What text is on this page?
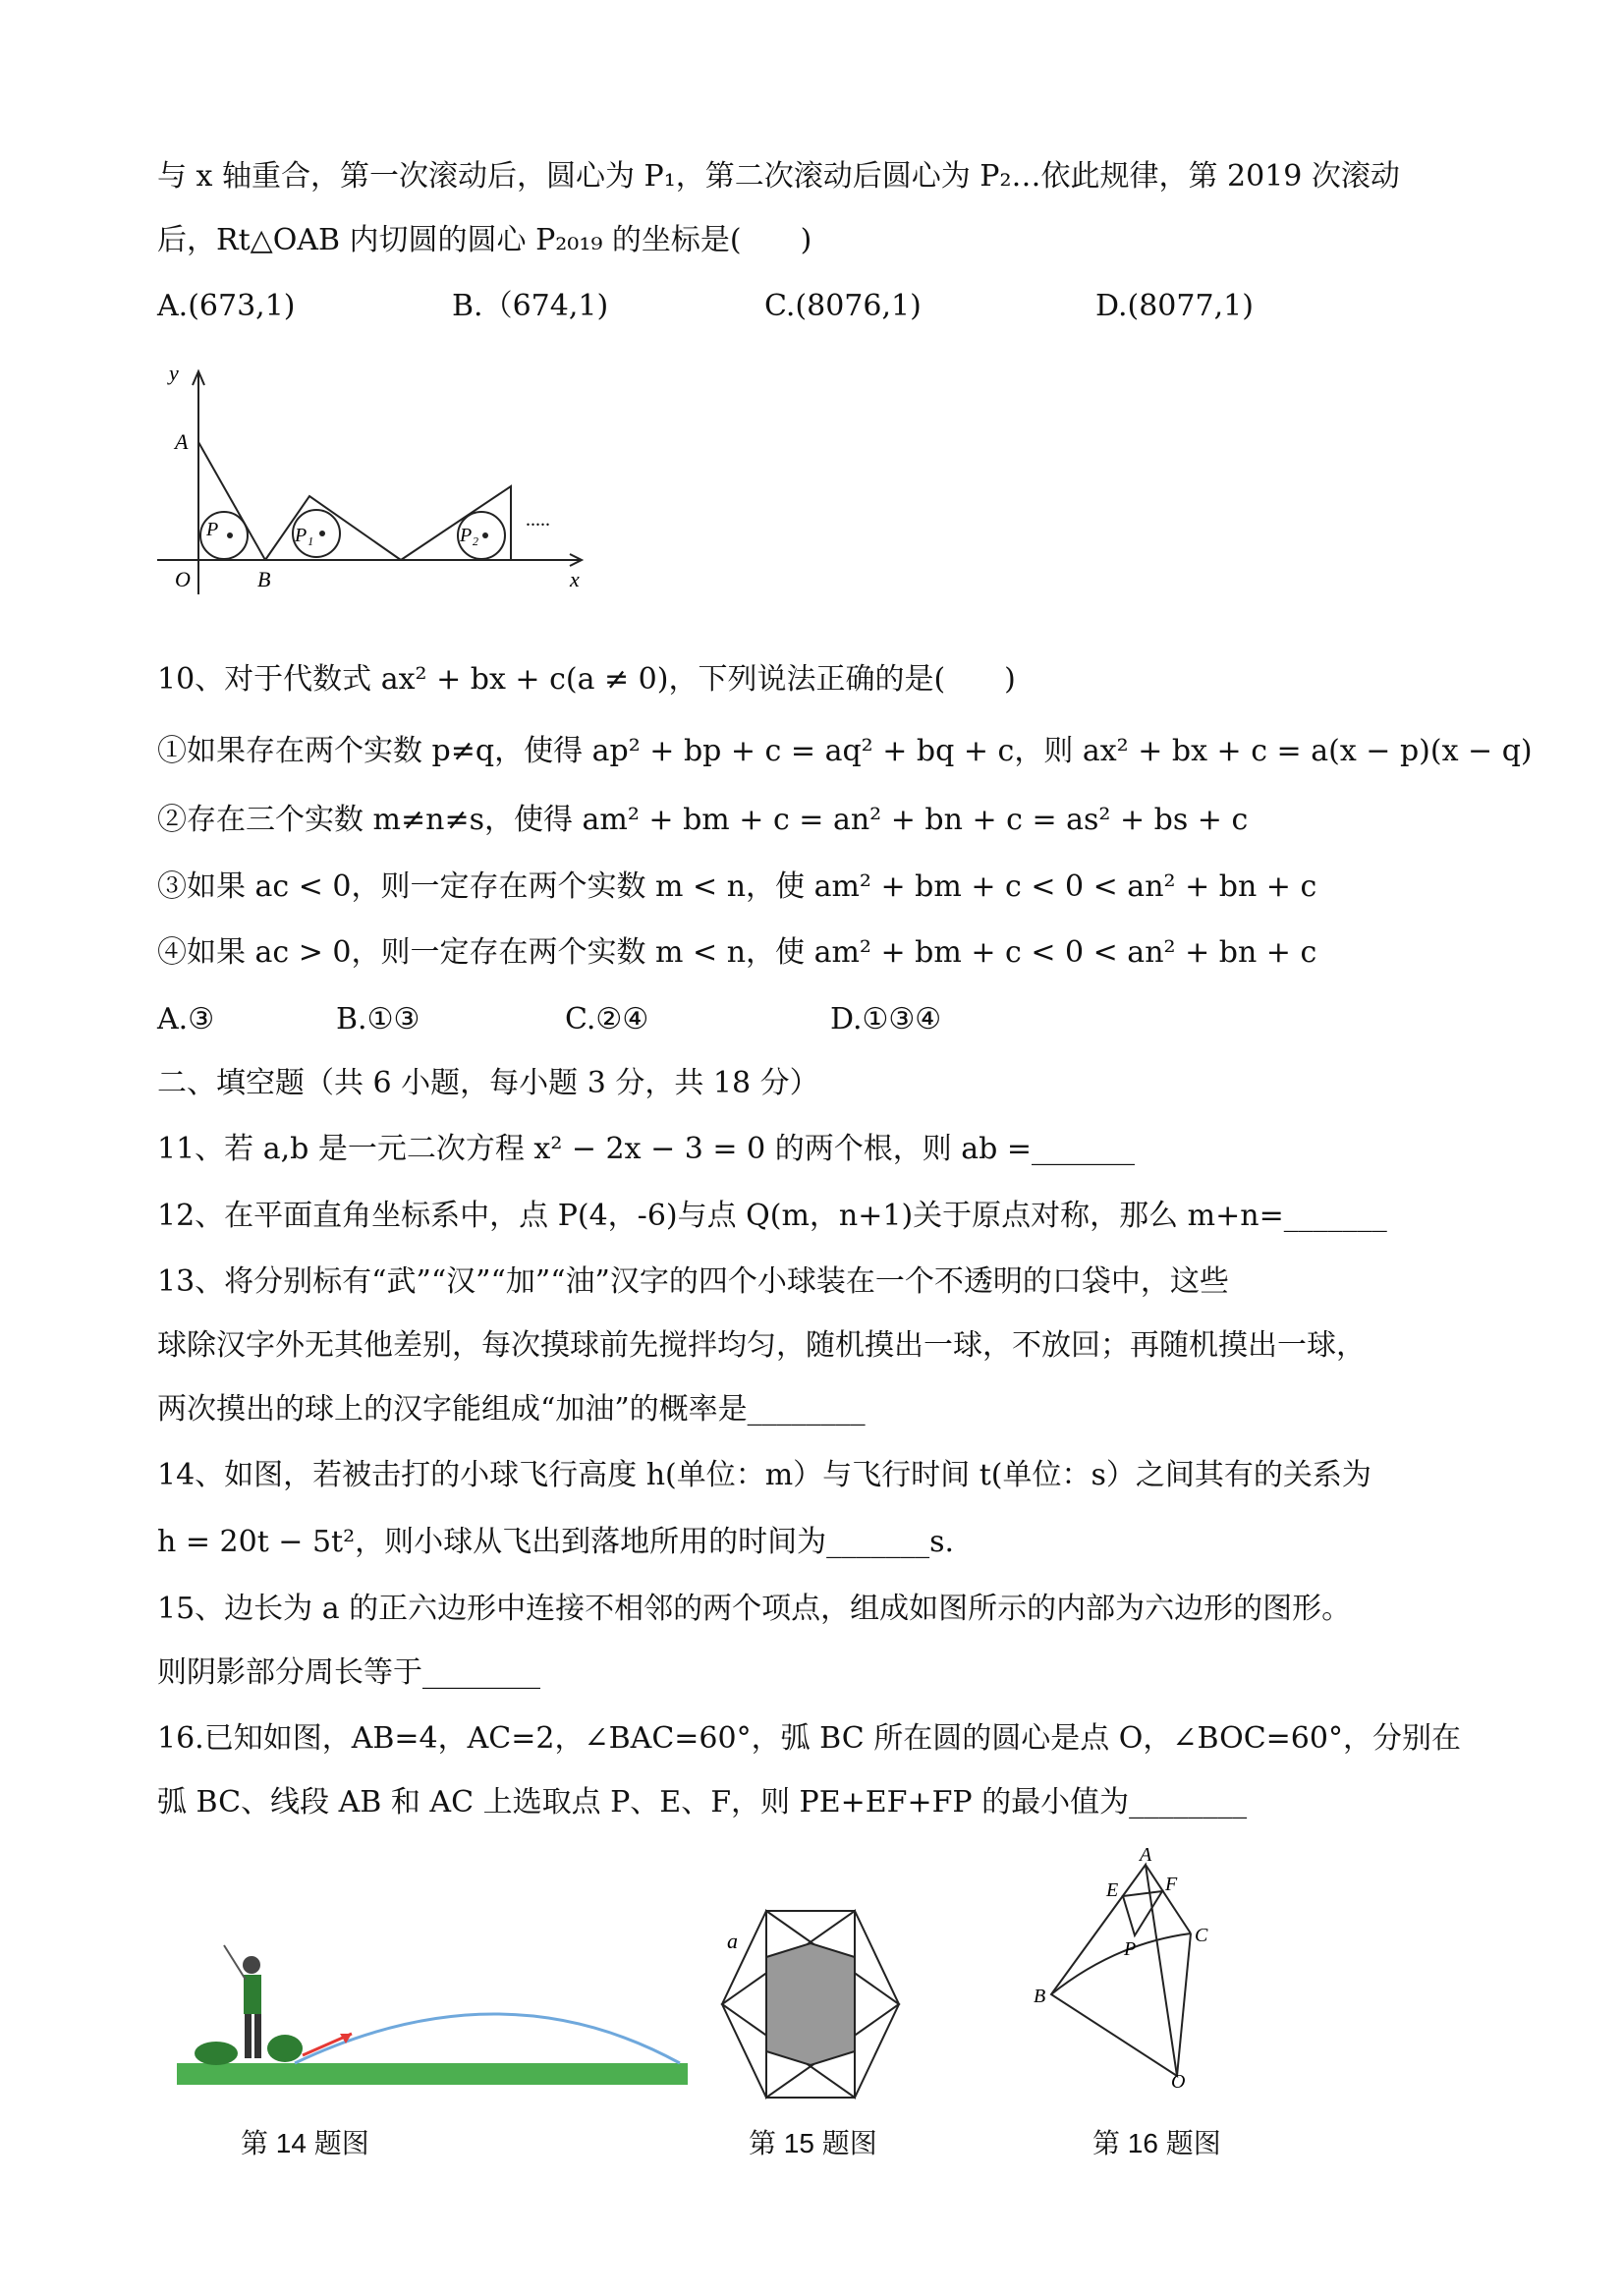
与 x 轴重合，第一次滚动后，圆心为 P₁，第二次滚动后圆心为 P₂…依此规律，第 2019 次滚动
后，Rt△OAB 内切圆的圆心 P₂₀₁₉ 的坐标是(　　)
A.(673,1)	B.（674,1)	C.(8076,1)	D.(8077,1)
y
x
O
A
B
P	P₁	P₂
.....
10、对于代数式 ax² + bx + c(a ≠ 0)，下列说法正确的是(　　)
①如果存在两个实数 p≠q，使得 ap² + bp + c = aq² + bq + c，则 ax² + bx + c = a(x − p)(x − q)
②存在三个实数 m≠n≠s，使得 am² + bm + c = an² + bn + c = as² + bs + c
③如果 ac < 0，则一定存在两个实数 m < n，使 am² + bm + c < 0 < an² + bn + c
④如果 ac > 0，则一定存在两个实数 m < n，使 am² + bm + c < 0 < an² + bn + c
A.③	B.①③	C.②④	D.①③④
二、填空题（共 6 小题，每小题 3 分，共 18 分）
11、若 a,b 是一元二次方程 x² − 2x − 3 = 0 的两个根，则 ab =_______
12、在平面直角坐标系中，点 P(4，-6)与点 Q(m，n+1)关于原点对称，那么 m+n=_______
13、将分别标有“武”“汉”“加”“油”汉字的四个小球装在一个不透明的口袋中，这些
球除汉字外无其他差别，每次摸球前先搅拌均匀，随机摸出一球，不放回；再随机摸出一球，
两次摸出的球上的汉字能组成“加油”的概率是________
14、如图，若被击打的小球飞行高度 h(单位：m）与飞行时间 t(单位：s）之间其有的关系为
h = 20t − 5t²，则小球从飞出到落地所用的时间为_______s.
15、边长为 a 的正六边形中连接不相邻的两个项点，组成如图所示的内部为六边形的图形。
则阴影部分周长等于________
16.已知如图，AB=4，AC=2，∠BAC=60°，弧 BC 所在圆的圆心是点 O，∠BOC=60°，分别在
弧 BC、线段 AB 和 AC 上选取点 P、E、F，则 PE+EF+FP 的最小值为________
a
A
E F
C
P
B
O
第 14 题图	第 15 题图	第 16 题图
